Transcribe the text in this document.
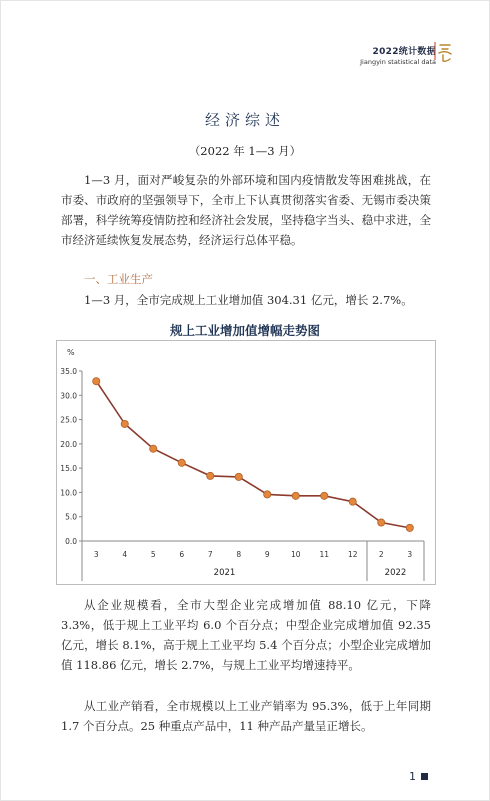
2022统计数据
Jiangyin statistical data
经济综述
（2022 年 1—3 月）
1—3 月，面对严峻复杂的外部环境和国内疫情散发等困难挑战，在市委、市政府的坚强领导下，全市上下认真贯彻落实省委、无锡市委决策部署，科学统筹疫情防控和经济社会发展，坚持稳字当头、稳中求进，全市经济延续恢复发展态势，经济运行总体平稳。
一、工业生产
1—3 月，全市完成规上工业增加值 304.31 亿元，增长 2.7%。
规上工业增加值增幅走势图
%
0.0
5.0
10.0
15.0
20.0
25.0
30.0
35.0
3	4	5	6	7	8	9	10	11	12	2	3
2021	2022
从企业规模看，全市大型企业完成增加值 88.10 亿元，下降 3.3%，低于规上工业平均 6.0 个百分点；中型企业完成增加值 92.35 亿元，增长 8.1%，高于规上工业平均 5.4 个百分点；小型企业完成增加值 118.86 亿元，增长 2.7%，与规上工业平均增速持平。
从工业产销看，全市规模以上工业产销率为 95.3%，低于上年同期 1.7 个百分点。25 种重点产品中，11 种产品产量呈正增长。
1
